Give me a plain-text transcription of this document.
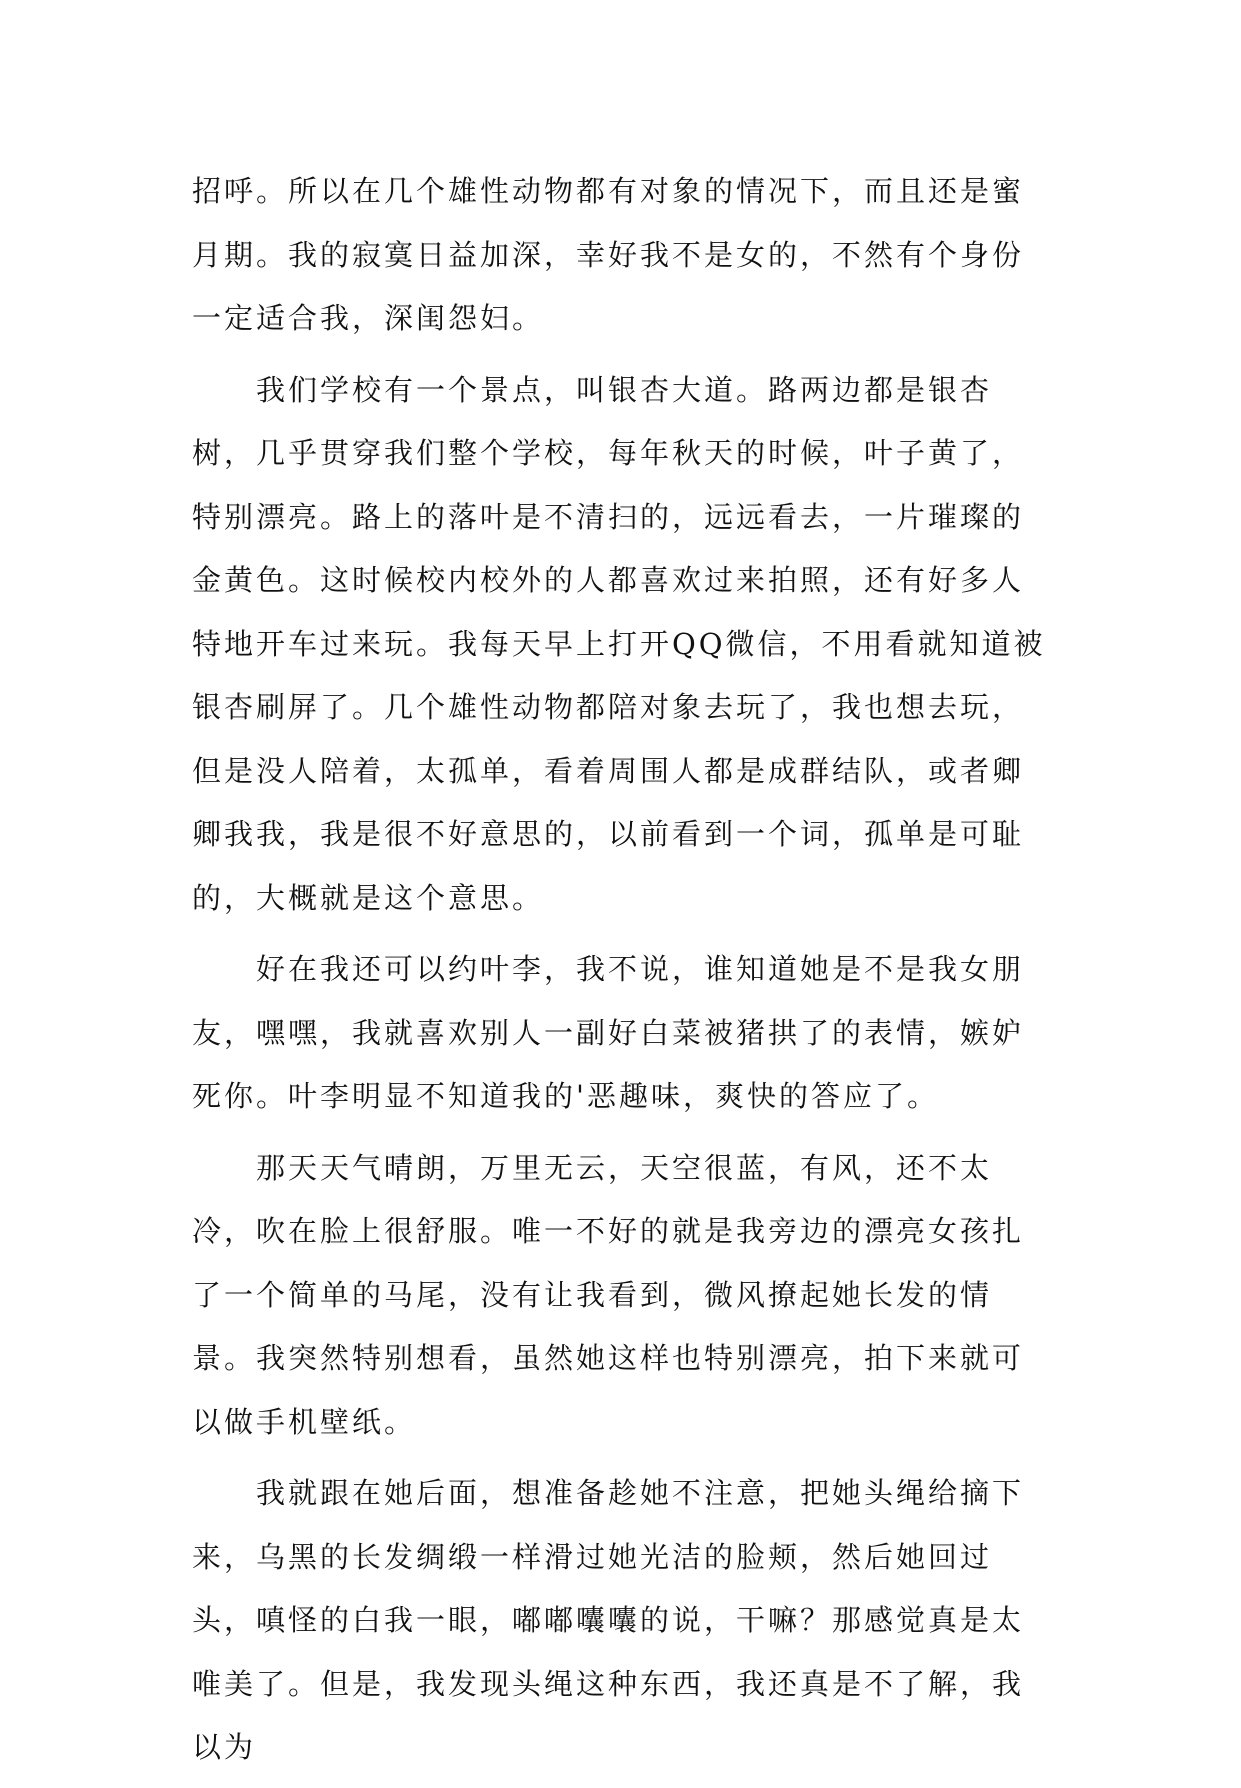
招呼。所以在几个雄性动物都有对象的情况下，而且还是蜜月期。我的寂寞日益加深，幸好我不是女的，不然有个身份一定适合我，深闺怨妇。

我们学校有一个景点，叫银杏大道。路两边都是银杏树，几乎贯穿我们整个学校，每年秋天的时候，叶子黄了，特别漂亮。路上的落叶是不清扫的，远远看去，一片璀璨的金黄色。这时候校内校外的人都喜欢过来拍照，还有好多人特地开车过来玩。我每天早上打开QQ微信，不用看就知道被银杏刷屏了。几个雄性动物都陪对象去玩了，我也想去玩，但是没人陪着，太孤单，看着周围人都是成群结队，或者卿卿我我，我是很不好意思的，以前看到一个词，孤单是可耻的，大概就是这个意思。

好在我还可以约叶李，我不说，谁知道她是不是我女朋友，嘿嘿，我就喜欢别人一副好白菜被猪拱了的表情，嫉妒死你。叶李明显不知道我的'恶趣味，爽快的答应了。

那天天气晴朗，万里无云，天空很蓝，有风，还不太冷，吹在脸上很舒服。唯一不好的就是我旁边的漂亮女孩扎了一个简单的马尾，没有让我看到，微风撩起她长发的情景。我突然特别想看，虽然她这样也特别漂亮，拍下来就可以做手机壁纸。

我就跟在她后面，想准备趁她不注意，把她头绳给摘下来，乌黑的长发绸缎一样滑过她光洁的脸颊，然后她回过头，嗔怪的白我一眼，嘟嘟囔囔的说，干嘛？那感觉真是太唯美了。但是，我发现头绳这种东西，我还真是不了解，我以为
